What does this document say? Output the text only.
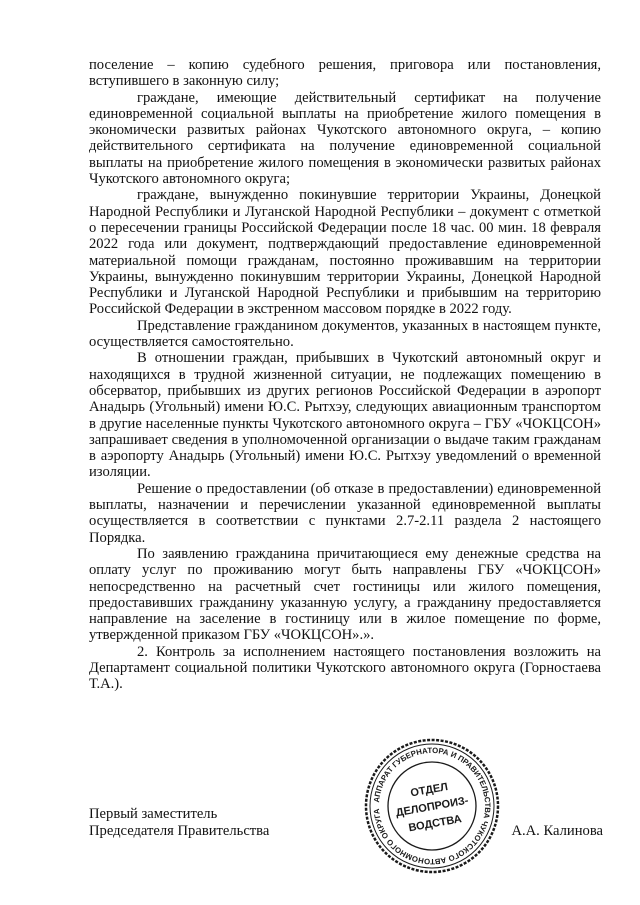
поселение – копию судебного решения, приговора или постановления, вступившего в законную силу;

граждане, имеющие действительный сертификат на получение единовременной социальной выплаты на приобретение жилого помещения в экономически развитых районах Чукотского автономного округа, – копию действительного сертификата на получение единовременной социальной выплаты на приобретение жилого помещения в экономически развитых районах Чукотского автономного округа;

граждане, вынужденно покинувшие территории Украины, Донецкой Народной Республики и Луганской Народной Республики – документ с отметкой о пересечении границы Российской Федерации после 18 час. 00 мин. 18 февраля 2022 года или документ, подтверждающий предоставление единовременной материальной помощи гражданам, постоянно проживавшим на территории Украины, вынужденно покинувшим территории Украины, Донецкой Народной Республики и Луганской Народной Республики и прибывшим на территорию Российской Федерации в экстренном массовом порядке в 2022 году.

Представление гражданином документов, указанных в настоящем пункте, осуществляется самостоятельно.

В отношении граждан, прибывших в Чукотский автономный округ и находящихся в трудной жизненной ситуации, не подлежащих помещению в обсерватор, прибывших из других регионов Российской Федерации в аэропорт Анадырь (Угольный) имени Ю.С. Рытхэу, следующих авиационным транспортом в другие населенные пункты Чукотского автономного округа – ГБУ «ЧОКЦСОН» запрашивает сведения в уполномоченной организации о выдаче таким гражданам в аэропорту Анадырь (Угольный) имени Ю.С. Рытхэу уведомлений о временной изоляции.

Решение о предоставлении (об отказе в предоставлении) единовременной выплаты, назначении и перечислении указанной единовременной выплаты осуществляется в соответствии с пунктами 2.7-2.11 раздела 2 настоящего Порядка.

По заявлению гражданина причитающиеся ему денежные средства на оплату услуг по проживанию могут быть направлены ГБУ «ЧОКЦСОН» непосредственно на расчетный счет гостиницы или жилого помещения, предоставивших гражданину указанную услугу, а гражданину предоставляется направление на заселение в гостиницу или в жилое помещение по форме, утвержденной приказом ГБУ «ЧОКЦСОН».».

2. Контроль за исполнением настоящего постановления возложить на Департамент социальной политики Чукотского автономного округа (Горностаева Т.А.).

Первый заместитель
Председателя Правительства	А.А. Калинова
АППАРАТ ГУБЕРНАТОРА И ПРАВИТЕЛЬСТВА ЧУКОТСКОГО АВТОНОМНОГО ОКРУГА
ОТДЕЛ
ДЕЛОПРОИЗ-
ВОДСТВА
